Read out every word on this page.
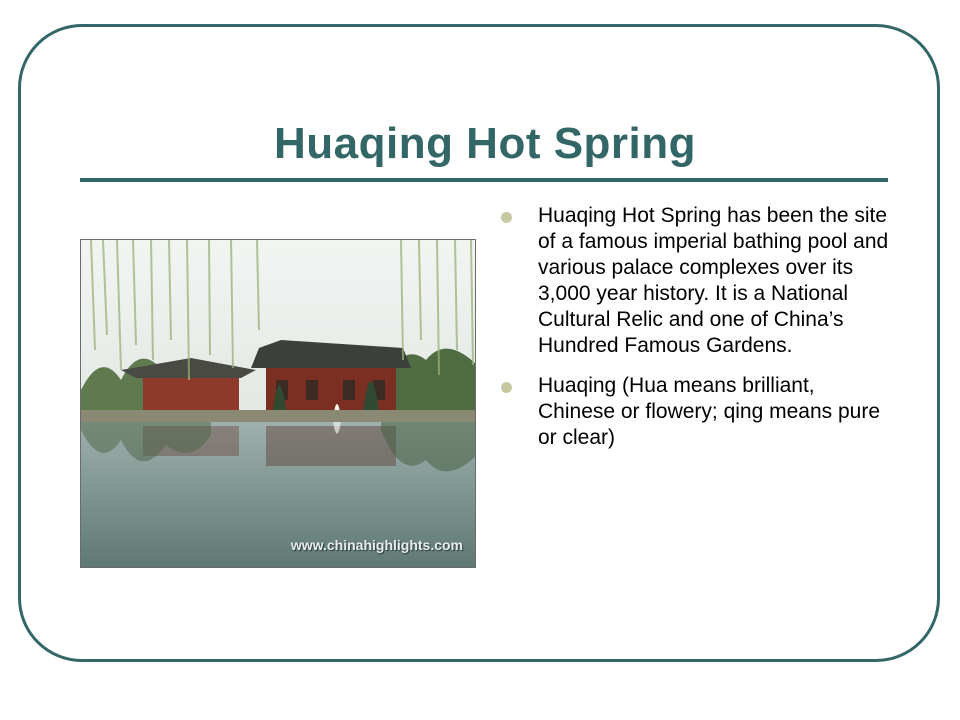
Huaqing Hot Spring
www.chinahighlights.com
Huaqing Hot Spring has been the site of a famous imperial bathing pool and various palace complexes over its 3,000 year history. It is a National Cultural Relic and one of China’s Hundred Famous Gardens.
Huaqing (Hua means brilliant, Chinese or flowery; qing means pure or clear)
